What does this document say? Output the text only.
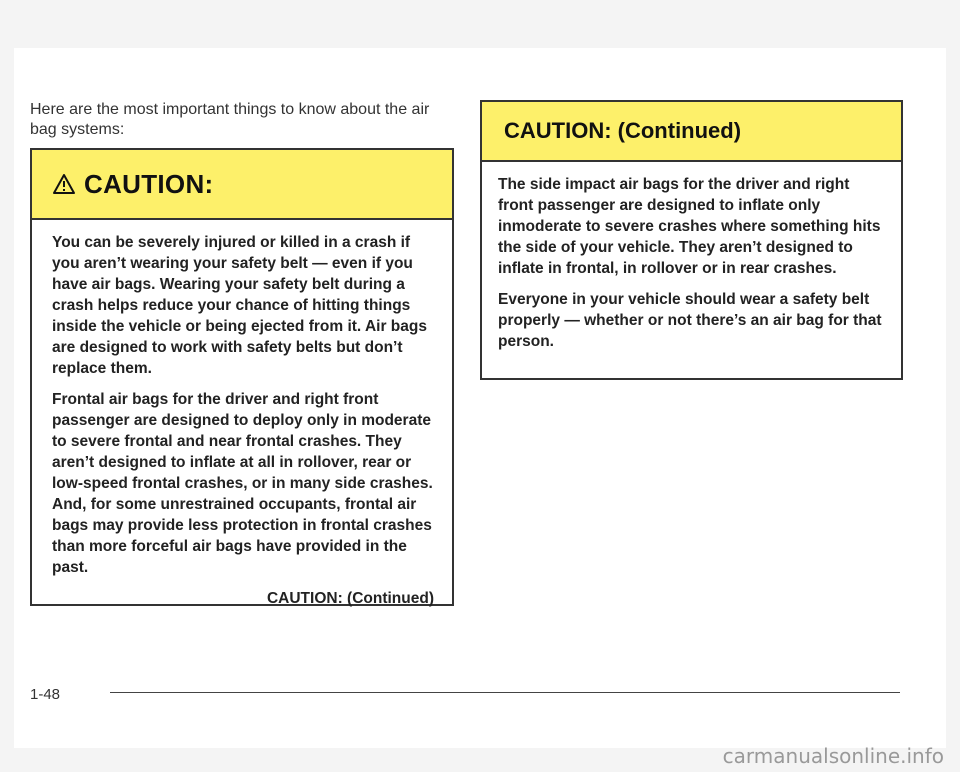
Here are the most important things to know about the air bag systems:
CAUTION:

You can be severely injured or killed in a crash if you aren’t wearing your safety belt — even if you have air bags. Wearing your safety belt during a crash helps reduce your chance of hitting things inside the vehicle or being ejected from it. Air bags are designed to work with safety belts but don’t replace them.

Frontal air bags for the driver and right front passenger are designed to deploy only in moderate to severe frontal and near frontal crashes. They aren’t designed to inflate at all in rollover, rear or low-speed frontal crashes, or in many side crashes. And, for some unrestrained occupants, frontal air bags may provide less protection in frontal crashes than more forceful air bags have provided in the past.

CAUTION: (Continued)
CAUTION: (Continued)

The side impact air bags for the driver and right front passenger are designed to inflate only inmoderate to severe crashes where something hits the side of your vehicle. They aren’t designed to inflate in frontal, in rollover or in rear crashes.

Everyone in your vehicle should wear a safety belt properly — whether or not there’s an air bag for that person.

1-48
carmanualsonline.info
